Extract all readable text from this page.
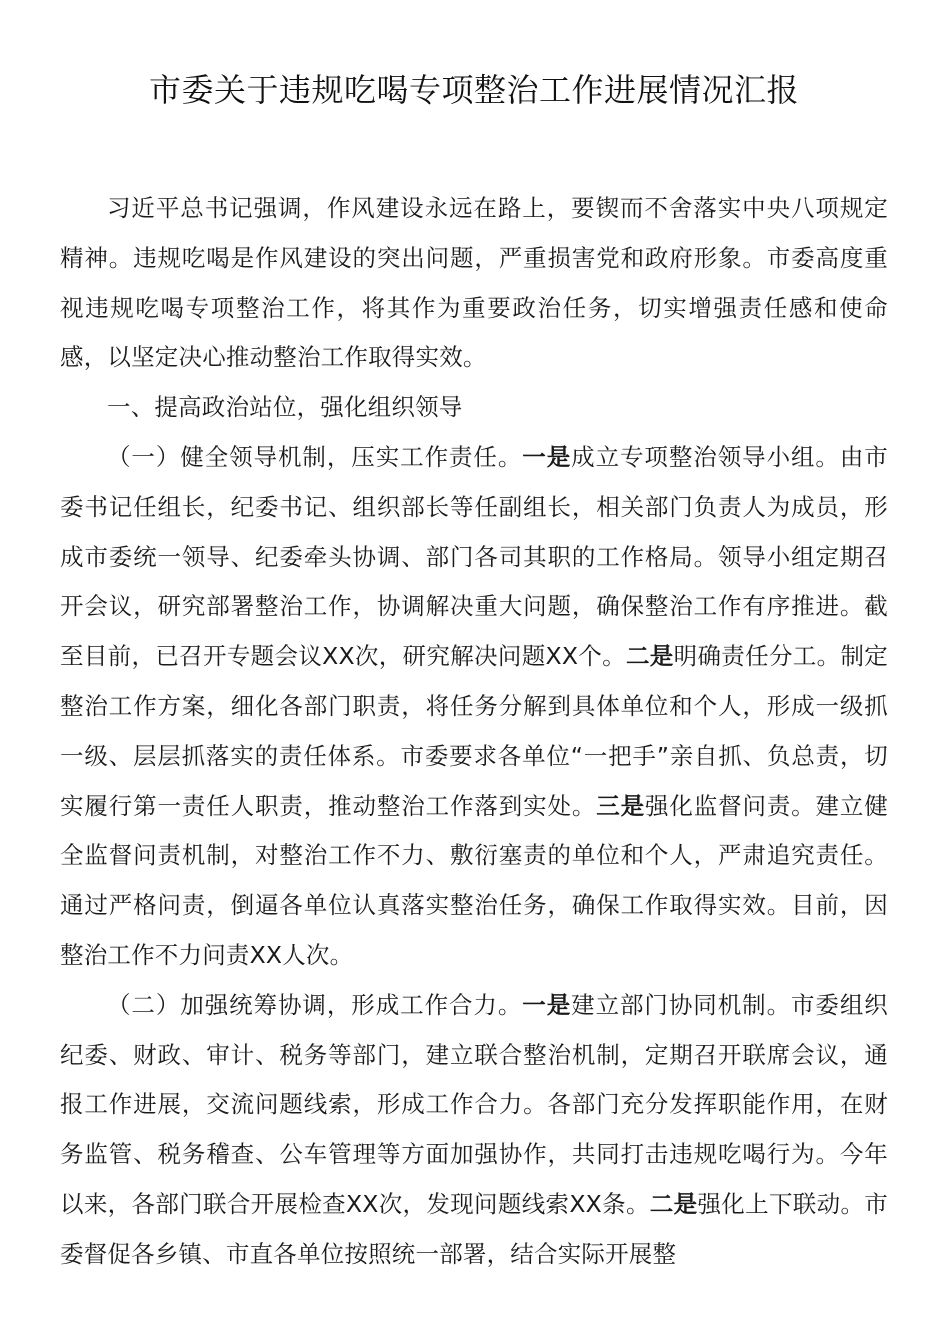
市委关于违规吃喝专项整治工作进展情况汇报

习近平总书记强调，作风建设永远在路上，要锲而不舍落实中央八项规定精神。违规吃喝是作风建设的突出问题，严重损害党和政府形象。市委高度重视违规吃喝专项整治工作，将其作为重要政治任务，切实增强责任感和使命感，以坚定决心推动整治工作取得实效。

一、提高政治站位，强化组织领导

（一）健全领导机制，压实工作责任。一是成立专项整治领导小组。由市委书记任组长，纪委书记、组织部长等任副组长，相关部门负责人为成员，形成市委统一领导、纪委牵头协调、部门各司其职的工作格局。领导小组定期召开会议，研究部署整治工作，协调解决重大问题，确保整治工作有序推进。截至目前，已召开专题会议XX次，研究解决问题XX个。二是明确责任分工。制定整治工作方案，细化各部门职责，将任务分解到具体单位和个人，形成一级抓一级、层层抓落实的责任体系。市委要求各单位“一把手”亲自抓、负总责，切实履行第一责任人职责，推动整治工作落到实处。三是强化监督问责。建立健全监督问责机制，对整治工作不力、敷衍塞责的单位和个人，严肃追究责任。通过严格问责，倒逼各单位认真落实整治任务，确保工作取得实效。目前，因整治工作不力问责XX人次。

（二）加强统筹协调，形成工作合力。一是建立部门协同机制。市委组织纪委、财政、审计、税务等部门，建立联合整治机制，定期召开联席会议，通报工作进展，交流问题线索，形成工作合力。各部门充分发挥职能作用，在财务监管、税务稽查、公车管理等方面加强协作，共同打击违规吃喝行为。今年以来，各部门联合开展检查XX次，发现问题线索XX条。二是强化上下联动。市委督促各乡镇、市直各单位按照统一部署，结合实际开展整
